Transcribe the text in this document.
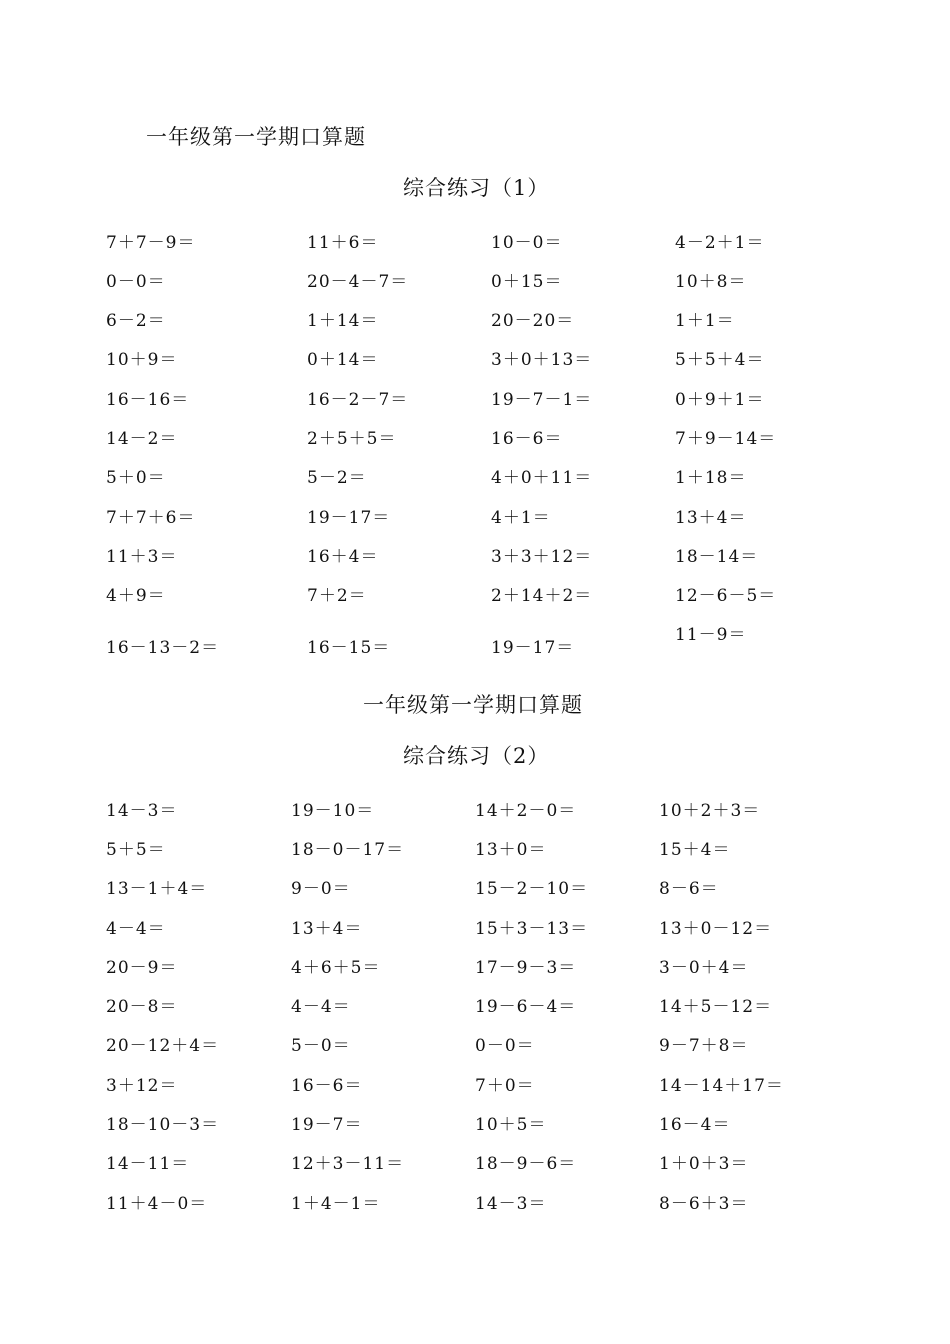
一年级第一学期口算题
综合练习（1）
7＋7－9＝
0－0＝
6－2＝
10＋9＝
16－16＝
14－2＝
5＋0＝
7＋7＋6＝
11＋3＝
4＋9＝
16－13－2＝
11＋6＝
20－4－7＝
1＋14＝
0＋14＝
16－2－7＝
2＋5＋5＝
5－2＝
19－17＝
16＋4＝
7＋2＝
16－15＝
10－0＝
0＋15＝
20－20＝
3＋0＋13＝
19－7－1＝
16－6＝
4＋0＋11＝
4＋1＝
3＋3＋12＝
2＋14＋2＝
19－17＝
4－2＋1＝
10＋8＝
1＋1＝
5＋5＋4＝
0＋9＋1＝
7＋9－14＝
1＋18＝
13＋4＝
18－14＝
12－6－5＝
11－9＝
一年级第一学期口算题
综合练习（2）
14－3＝
5＋5＝
13－1＋4＝
4－4＝
20－9＝
20－8＝
20－12＋4＝
3＋12＝
18－10－3＝
14－11＝
11＋4－0＝
19－10＝
18－0－17＝
9－0＝
13＋4＝
4＋6＋5＝
4－4＝
5－0＝
16－6＝
19－7＝
12＋3－11＝
1＋4－1＝
14＋2－0＝
13＋0＝
15－2－10＝
15＋3－13＝
17－9－3＝
19－6－4＝
0－0＝
7＋0＝
10＋5＝
18－9－6＝
14－3＝
10＋2＋3＝
15＋4＝
8－6＝
13＋0－12＝
3－0＋4＝
14＋5－12＝
9－7＋8＝
14－14＋17＝
16－4＝
1＋0＋3＝
8－6＋3＝
